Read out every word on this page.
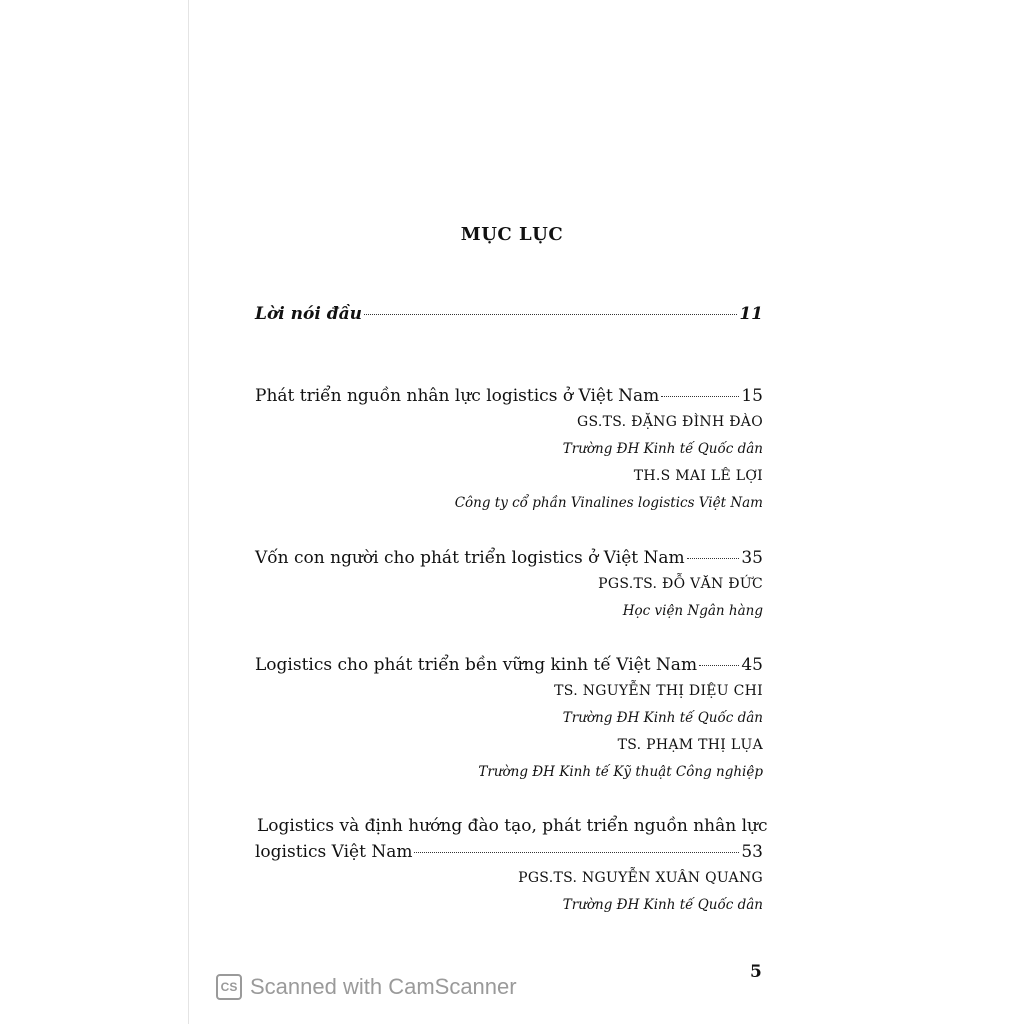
MỤC LỤC
Lời nói đầu	11
Phát triển nguồn nhân lực logistics ở Việt Nam	15
GS.TS. ĐẶNG ĐÌNH ĐÀO
Trường ĐH Kinh tế Quốc dân
TH.S MAI LÊ LỢI
Công ty cổ phần Vinalines logistics Việt Nam
Vốn con người cho phát triển logistics ở Việt Nam	35
PGS.TS. ĐỖ VĂN ĐỨC
Học viện Ngân hàng
Logistics cho phát triển bền vững kinh tế Việt Nam	45
TS. NGUYỄN THỊ DIỆU CHI
Trường ĐH Kinh tế Quốc dân
TS. PHẠM THỊ LỤA
Trường ĐH Kinh tế Kỹ thuật Công nghiệp
Logistics và định hướng đào tạo, phát triển nguồn nhân lực
logistics Việt Nam	53
PGS.TS. NGUYỄN XUÂN QUANG
Trường ĐH Kinh tế Quốc dân
5
CS Scanned with CamScanner
